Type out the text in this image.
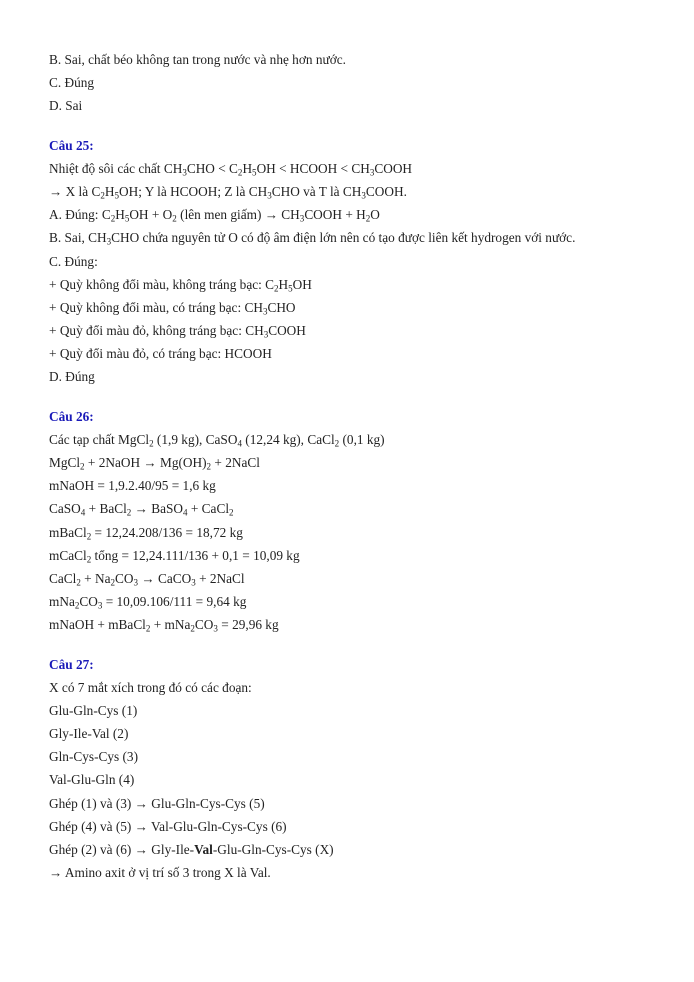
B. Sai, chất béo không tan trong nước và nhẹ hơn nước.
C. Đúng
D. Sai
Câu 25:
Nhiệt độ sôi các chất $CH_3CHO < C_2H_5OH$ < HCOOH < $CH_3COOH$
→ X là $C_2H_5OH$; Y là HCOOH; Z là $CH_3CHO$ và T là $CH_3COOH$.
A. Đúng: $C_2H_5OH + O_2$ (lên men giấm) → $CH_3COOH + H_2O$
B. Sai, $CH_3CHO$ chứa nguyên tử O có độ âm điện lớn nên có tạo được liên kết hydrogen với nước.
C. Đúng:
+ Quỳ không đổi màu, không tráng bạc: $C_2H_5OH$
+ Quỳ không đổi màu, có tráng bạc: $CH_3CHO$
+ Quỳ đổi màu đỏ, không tráng bạc: $CH_3COOH$
+ Quỳ đổi màu đỏ, có tráng bạc: HCOOH
D. Đúng
Câu 26:
Các tạp chất MgCl$_2$ (1,9 kg), CaSO$_4$ (12,24 kg), CaCl$_2$ (0,1 kg)
MgCl$_2$ + 2NaOH → $Mg(OH)_2$ + 2NaCl
mNaOH = 1,9.2.40/95 = 1,6 kg
CaSO$_4$ + BaCl$_2$ → BaSO$_4$ + CaCl$_2$
mBaCl$_2$ = 12,24.208/136 = 18,72 kg
mCaCl$_2$ tổng = 12,24.111/136 + 0,1 = 10,09 kg
CaCl$_2$ + $Na_2CO_3$ → CaCO$_3$ + 2NaCl
$mNa_2CO_3 = 10,09.106/111 = 9,64$ kg
mNaOH + mBaCl$_2$ + $mNa_2CO_3 = 29,96$ kg
Câu 27:
X có 7 mắt xích trong đó có các đoạn:
Glu-Gln-Cys (1)
Gly-Ile-Val (2)
Gln-Cys-Cys (3)
Val-Glu-Gln (4)
Ghép (1) và (3) → Glu-Gln-Cys-Cys (5)
Ghép (4) và (5) → Val-Glu-Gln-Cys-Cys (6)
Ghép (2) và (6) → Gly-Ile-Val-Glu-Gln-Cys-Cys (X)
→ Amino axit ở vị trí số 3 trong X là Val.
